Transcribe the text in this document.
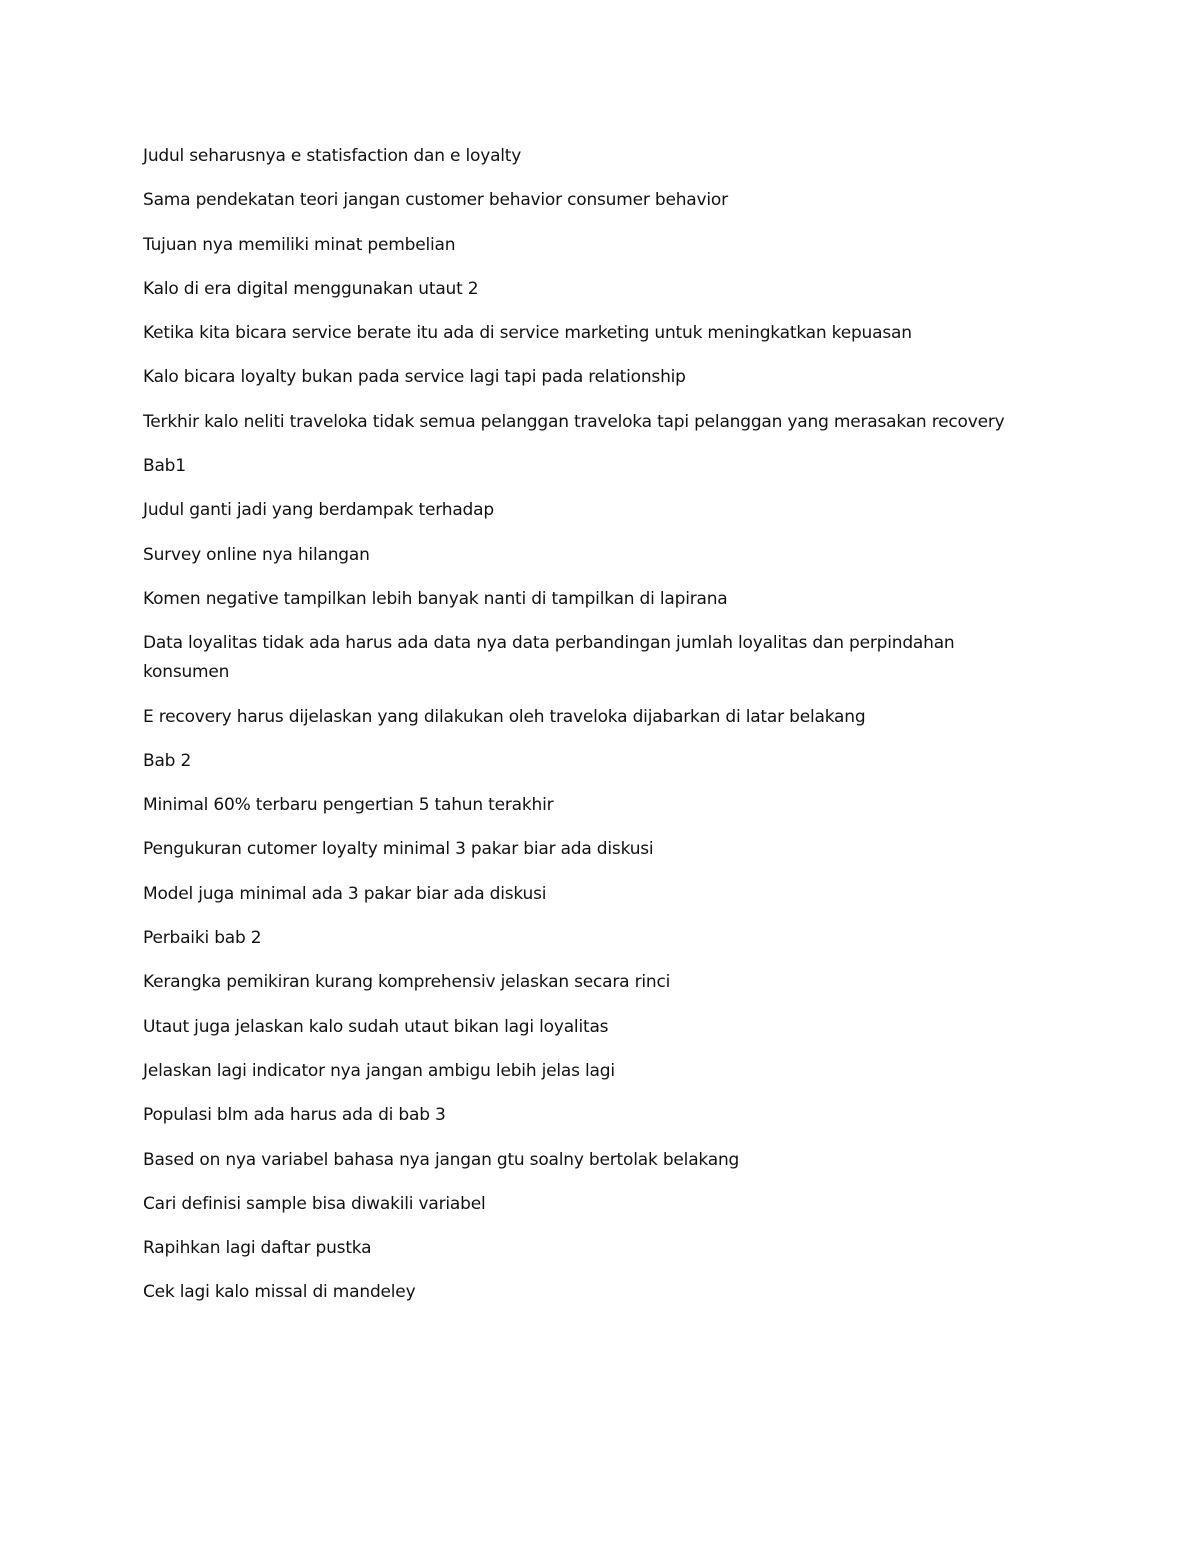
Judul seharusnya e statisfaction dan e loyalty

Sama pendekatan teori jangan customer behavior consumer behavior

Tujuan nya memiliki minat pembelian

Kalo di era digital menggunakan utaut 2

Ketika kita bicara service berate itu ada di service marketing untuk meningkatkan kepuasan

Kalo bicara loyalty bukan pada service lagi tapi pada relationship

Terkhir kalo neliti traveloka tidak semua pelanggan traveloka tapi pelanggan yang merasakan recovery

Bab1

Judul ganti jadi yang berdampak terhadap

Survey online nya hilangan

Komen negative tampilkan lebih banyak nanti di tampilkan di lapirana

Data loyalitas tidak ada harus ada data nya data perbandingan jumlah loyalitas dan perpindahan konsumen

E recovery harus dijelaskan yang dilakukan oleh traveloka dijabarkan di latar belakang

Bab 2

Minimal 60% terbaru pengertian 5 tahun terakhir

Pengukuran cutomer loyalty minimal 3 pakar biar ada diskusi

Model juga minimal ada 3 pakar biar ada diskusi

Perbaiki bab 2

Kerangka pemikiran kurang komprehensiv jelaskan secara rinci

Utaut juga jelaskan kalo sudah utaut bikan lagi loyalitas

Jelaskan lagi indicator nya jangan ambigu lebih jelas lagi

Populasi blm ada harus ada di bab 3

Based on nya variabel bahasa nya jangan gtu soalny bertolak belakang

Cari definisi sample bisa diwakili variabel

Rapihkan lagi daftar pustka

Cek lagi kalo missal di mandeley
